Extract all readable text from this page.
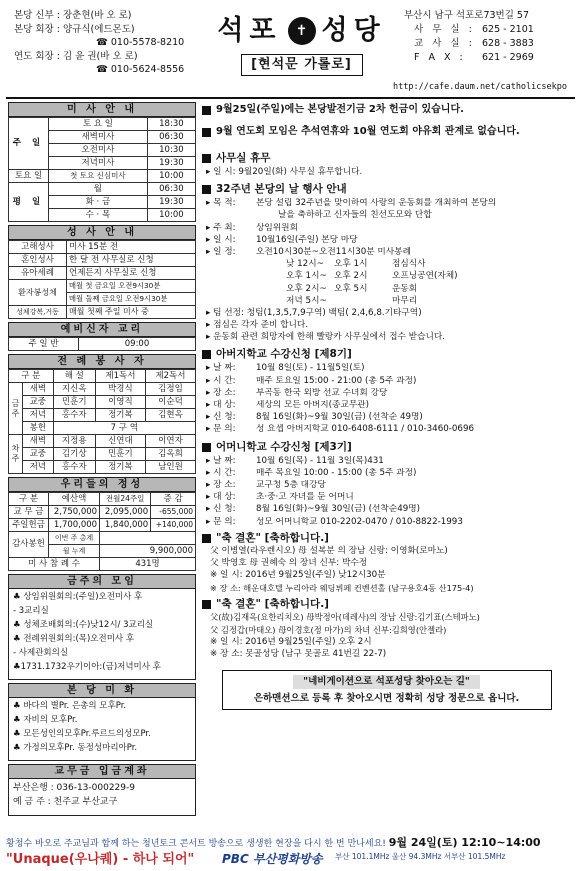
본당 신부 : 장춘현(바 오 로)
본당 회장 : 양규식(에드몬도)
☎ 010-5578-8210
연도 회장 : 김 윤 권(바 오 로)
☎ 010-5624-8556
석포	✝ 성당
[현석문 가롤로]
부산시 남구 석포로73번길 57
사 무 실 : 625 - 2101
교 사 실 : 628 - 3883
F A X :	621 - 2969
http://cafe.daum.net/catholicsekpo
미 사 안 내
주 일	토 요 일	18:30
	새벽미사	06:30
	오전미사	10:30
	저녁미사	19:30
토요 일	첫 토요 신심미사	10:00
평 일	월	06:30
	화 · 금	19:30
	수 · 목	10:00
성 사 안 내
고해성사	미사 15분 전
혼인성사	한 달 전 사무실로 신청
유아세례	언제든지 사무실로 신청
환자봉성체	매월 첫 금요일 오전9시30분
	매월 둘째 금요일 오전9시30분
성체강복,거동	매월 첫째 주일 미사 중
예비신자 교리
주 일 반	09:00
전 례 봉 사 자
구 분		해 설	제1독서	제2독서
금 주	새벽	지신옥	박경식	김정임
	교중	민훈기	이영직	이순덕
	저녁	홍수자	정기복	김현옥
	봉헌	7 구 역		
차 주	새벽	지정용	신연대	이연자
	교중	김기상	민훈기	김옥희
	저녁	홍수자	정기복	남인원
우리들의 정성
구 분	예산액	전월24주일	증 감
교 무 금	2,750,000	2,095,000	-655,000
주일헌금	1,700,000	1,840,000	+140,000
감사봉헌	이번 주 총계		
	월 누계	9,900,000	
미 사 참 례 수		431명	
금주의 모임
♣ 상임위원회의:(주일)오전미사 후
- 3교리실
♣ 성체조배회의:(수)낮12시/ 3교리실
♣ 전례위원회의:(목)오전미사 후
- 사제관회의실
♣1731.1732우기이아:(금)저녁미사 후
본 당 미 화
♣ 바다의 별Pr. 은총의 모후Pr.
♣ 자비의 모후Pr.
♣ 모든성인의모후Pr.루르드의성모Pr.
♣ 가정의모후Pr. 동정성마리아Pr.
교무금 입금계좌
부산은행 : 036-13-000229-9
예 금 주 : 천주교 부산교구
9월25일(주일)에는 본당발전기금 2차 헌금이 있습니다.
9월 연도회 모임은 추석연휴와 10월 연도회 야유회 관계로 없습니다.
사무실 휴무
▸ 일 시: 9월20일(화) 사무실 휴무합니다.
32주년 본당의 날 행사 안내
▸ 목 적:	본당 설립 32주년을 맞이하여 사랑의 운동회를 개최하여 본당의
날을 축하하고 신자들의 친선도모와 단합
▸ 주 최:	상임위원회
▸ 일 시:	10월16일(주일) 본당 마당
▸ 일 정:	오전10시30분~오전11시30분 미사봉례
낮 12시~	오후 1시	점심식사
오후 1시~ 오후 2시	오프닝공연(자체)
오후 2시~ 오후 5시	운동회
저녁 5시~	마무리
▸ 팀 선정: 청팀(1,3,5,7,9구역) 백팀( 2,4,6,8.기타구역)
▸ 점심은 각자 준비 합니다.
▸ 운동회 관련 희망자에 한해 빨랑카 사무실에서 접수 받습니다.
아버지학교 수강신청 [제8기]
▸ 날 짜:	10월 8일(토) - 11월5일(토)
▸ 시 간:	매주 토요일 15:00 - 21:00 (총 5주 과정)
▸ 장 소:	부곡동 한국 외방 선교 수녀회 강당
▸ 대 상:	세상의 모든 아버지(종교무관)
▸ 신 청:	8월 16일(화)~9월 30일(금) (선착순 49명)
▸ 문 의:	성 요셉 아버지학교 010-6408-6111 / 010-3460-0696
어머니학교 수강신청 [제3기]
▸ 날 짜:	10월 6일(목) - 11월 3일(목)431
▸ 시 간:	매주 목요일 10:00 - 15:00 (총 5주 과정)
▸ 장 소:	교구청 5층 대강당
▸ 대 상:	초·중·고 자녀를 둔 어머니
▸ 신 청:	8월 16일(화)~9월 30일(금) (선착순49명)
▸ 문 의:	성모 어머니학교 010-2202-0470 / 010-8822-1993
"축 결혼" [축하합니다.]
父 이병열(라우렌시오) 母 설복분 의 장남 신랑: 이영화(로마노)
父 박영호 母 권혜숙 의 장녀 신부: 박수정
※ 일 시: 2016년 9월25일(주일) 낮12시30분
※ 장 소: 해운대호텔 누리아라 웨딩뷔페 컨벤션홀 (남구용호4동 산175-4)
"축 결혼" [축하합니다.]
父(故)김재옥(요한리치오) 母박정아(데레사)의 장남 신랑:김기표(스테파노)
父 김정갑(마태오) 母이경호(정 마가)의 차녀 신부:김희영(안젤라)
※ 일 시: 2016년 9월25일(주일) 오후 2시
※ 장 소: 못골성당 (남구 못골로 41번길 22-7)
"네비게이션으로 석포성당 찾아오는 길"
은하맨션으로 등록 후 찾아오시면 정확히 성당 정문으로 옵니다.
황청수 바오로 주교님과 함께 하는 청년토크 콘서트 방송으로 생생한 현장을 다시 한 번 만나세요! 9월 24일(토) 12:10~14:00
"Unaque(우나퀘) - 하나 되어" PBC 부산평화방송 부산 101.1MHz 울산 94.3MHz 서부산 101.5MHz
